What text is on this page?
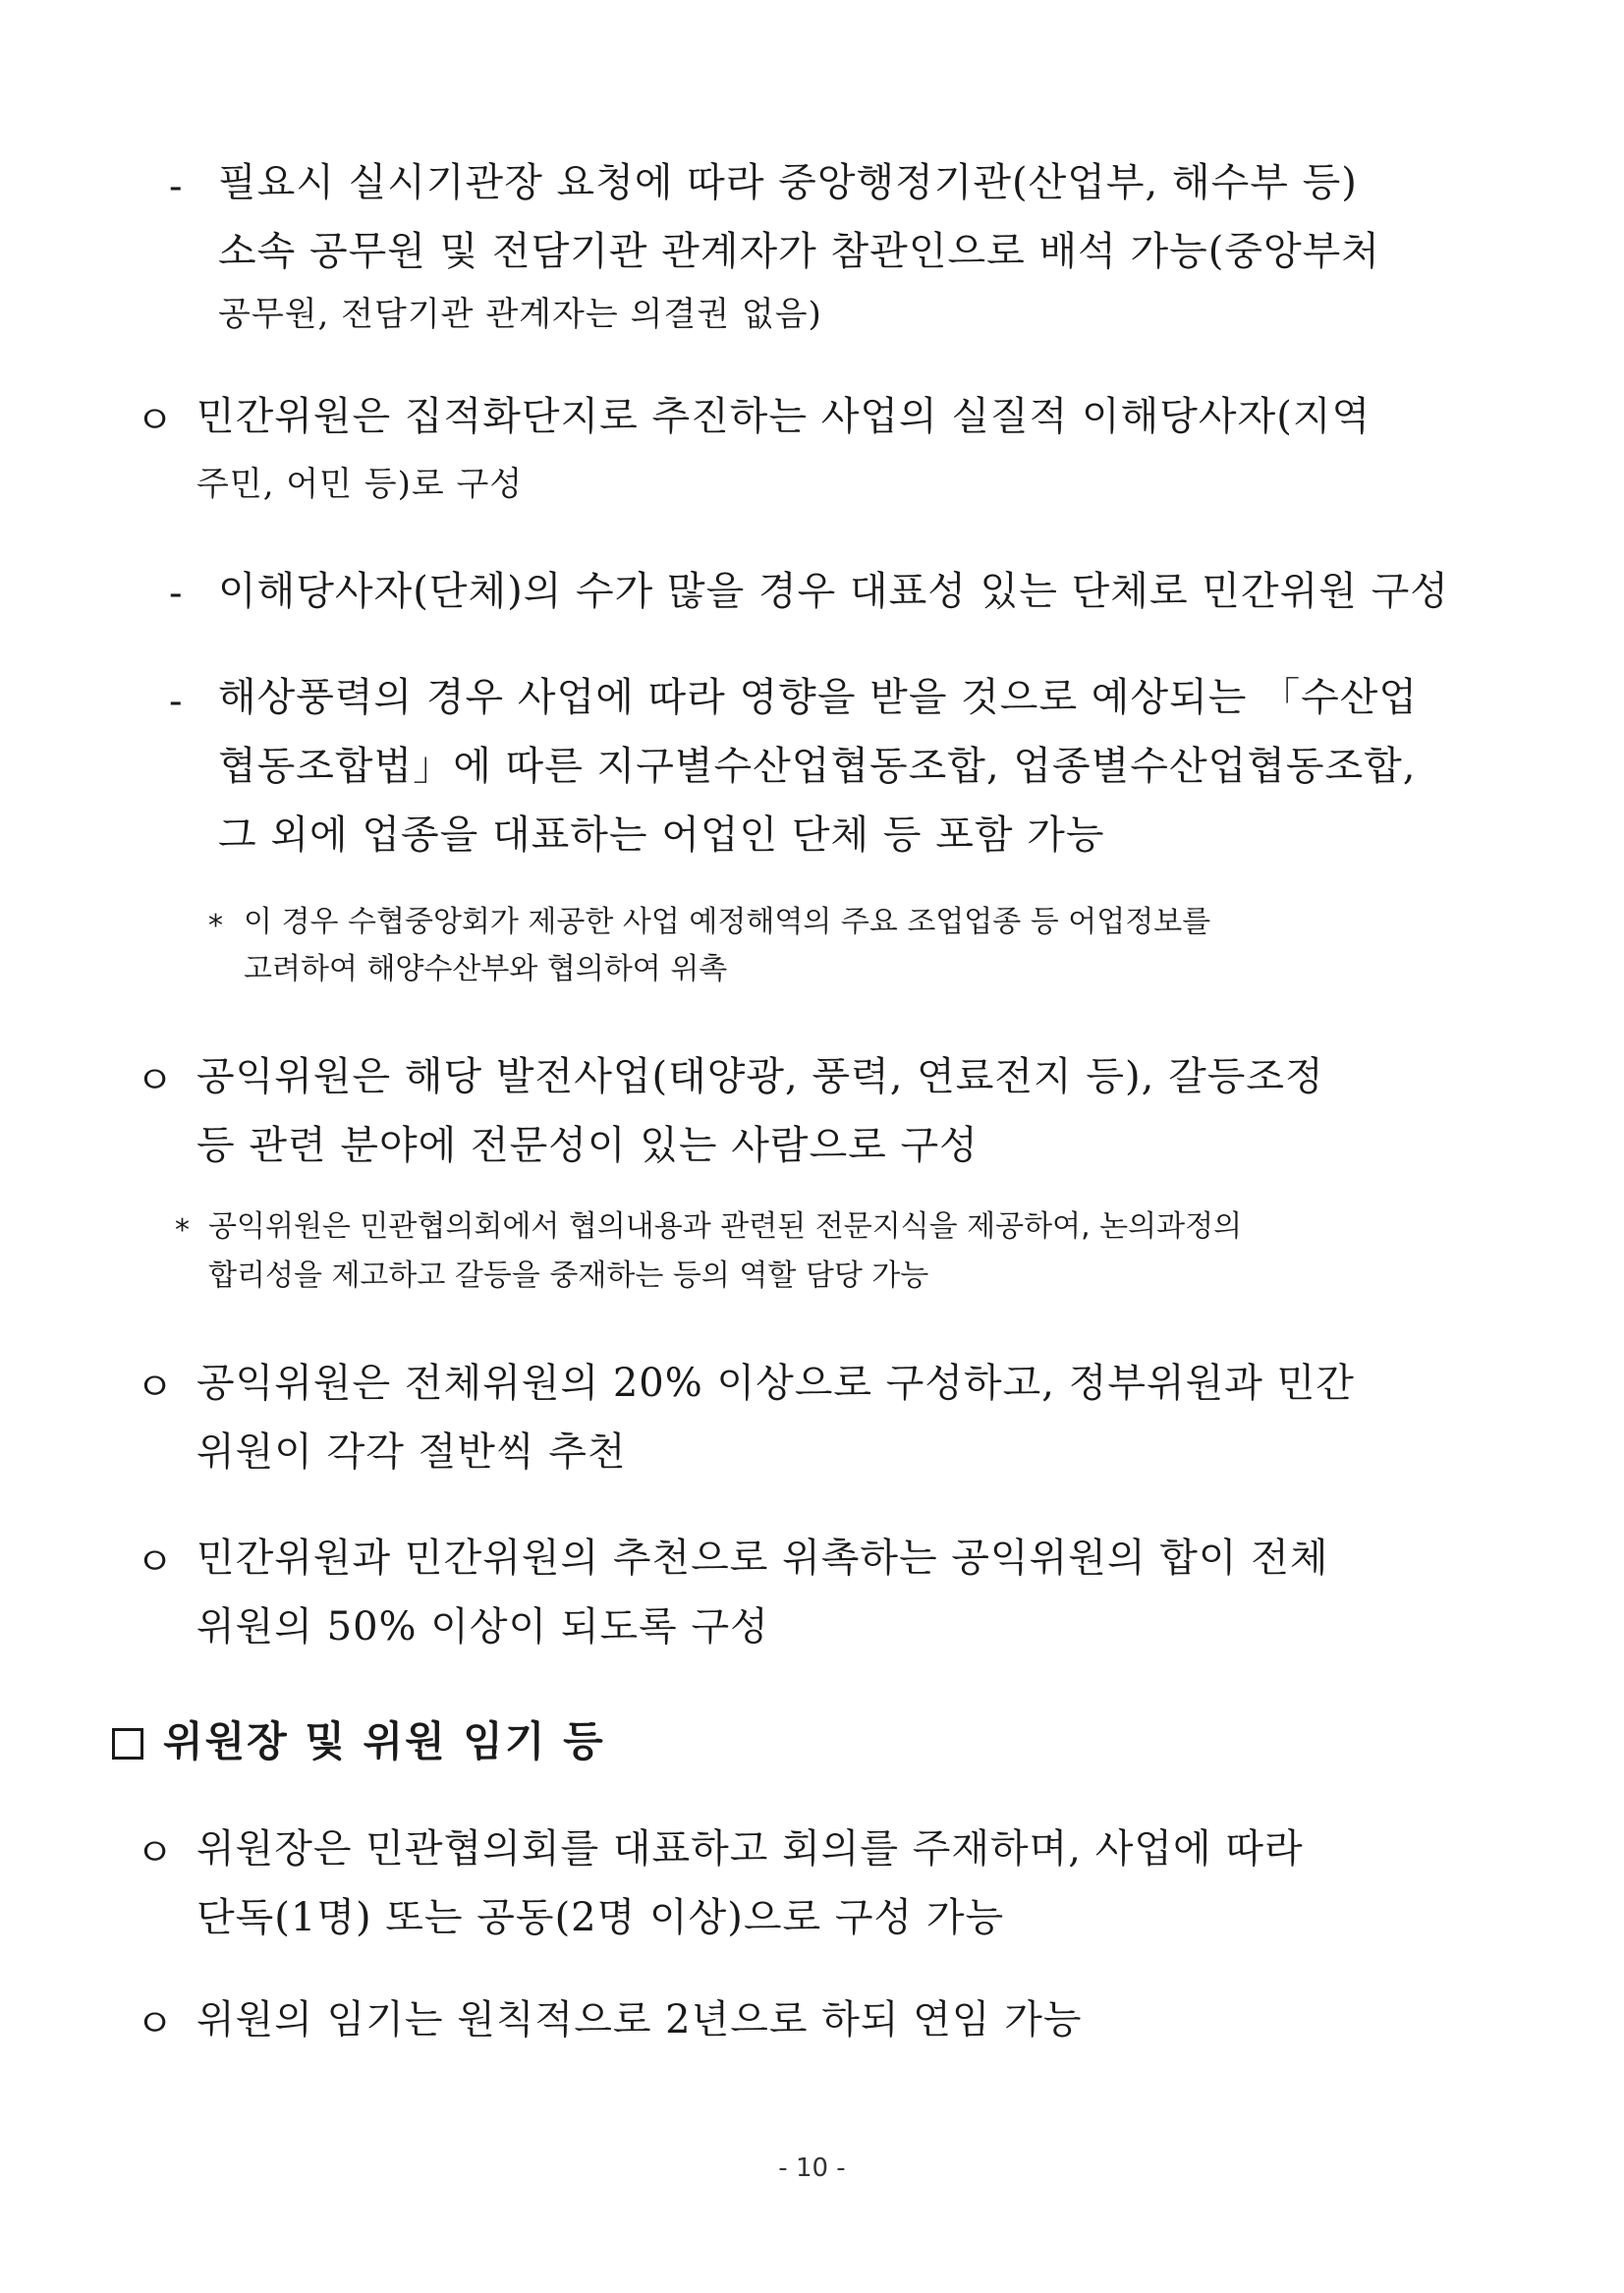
- 필요시 실시기관장 요청에 따라 중앙행정기관(산업부, 해수부 등)
소속 공무원 및 전담기관 관계자가 참관인으로 배석 가능(중앙부처
공무원, 전담기관 관계자는 의결권 없음)
ㅇ 민간위원은 집적화단지로 추진하는 사업의 실질적 이해당사자(지역
주민, 어민 등)로 구성
- 이해당사자(단체)의 수가 많을 경우 대표성 있는 단체로 민간위원 구성
- 해상풍력의 경우 사업에 따라 영향을 받을 것으로 예상되는 「수산업
협동조합법」에 따른 지구별수산업협동조합, 업종별수산업협동조합,
그 외에 업종을 대표하는 어업인 단체 등 포함 가능
* 이 경우 수협중앙회가 제공한 사업 예정해역의 주요 조업업종 등 어업정보를
고려하여 해양수산부와 협의하여 위촉
ㅇ 공익위원은 해당 발전사업(태양광, 풍력, 연료전지 등), 갈등조정
등 관련 분야에 전문성이 있는 사람으로 구성
* 공익위원은 민관협의회에서 협의내용과 관련된 전문지식을 제공하여, 논의과정의
합리성을 제고하고 갈등을 중재하는 등의 역할 담당 가능
ㅇ 공익위원은 전체위원의 20% 이상으로 구성하고, 정부위원과 민간
위원이 각각 절반씩 추천
ㅇ 민간위원과 민간위원의 추천으로 위촉하는 공익위원의 합이 전체
위원의 50% 이상이 되도록 구성
위원장 및 위원 임기 등
ㅇ 위원장은 민관협의회를 대표하고 회의를 주재하며, 사업에 따라
단독(1명) 또는 공동(2명 이상)으로 구성 가능
ㅇ 위원의 임기는 원칙적으로 2년으로 하되 연임 가능
- 10 -
